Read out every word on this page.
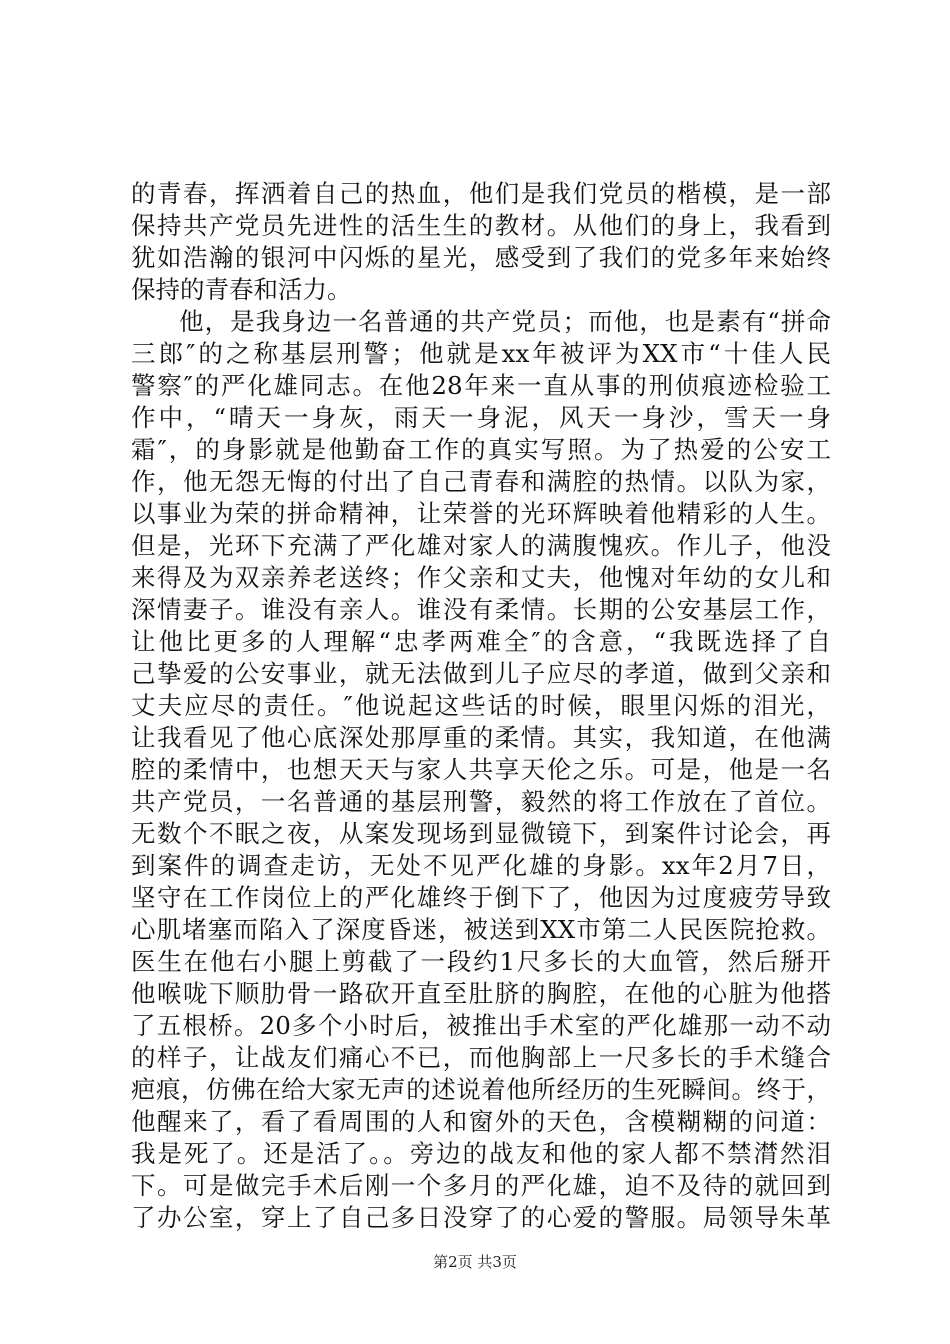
的青春，挥洒着自己的热血，他们是我们党员的楷模，是一部
保持共产党员先进性的活生生的教材。从他们的身上，我看到
犹如浩瀚的银河中闪烁的星光，感受到了我们的党多年来始终
保持的青春和活力。
他，是我身边一名普通的共产党员；而他，也是素有“拼命
三郎″的之称基层刑警；他就是xx年被评为XX市“十佳人民
警察″的严化雄同志。在他28年来一直从事的刑侦痕迹检验工
作中，“晴天一身灰，雨天一身泥，风天一身沙，雪天一身
霜″，的身影就是他勤奋工作的真实写照。为了热爱的公安工
作，他无怨无悔的付出了自己青春和满腔的热情。以队为家，
以事业为荣的拼命精神，让荣誉的光环辉映着他精彩的人生。
但是，光环下充满了严化雄对家人的满腹愧疚。作儿子，他没
来得及为双亲养老送终；作父亲和丈夫，他愧对年幼的女儿和
深情妻子。谁没有亲人。谁没有柔情。长期的公安基层工作，
让他比更多的人理解“忠孝两难全″的含意，“我既选择了自
己挚爱的公安事业，就无法做到儿子应尽的孝道，做到父亲和
丈夫应尽的责任。″他说起这些话的时候，眼里闪烁的泪光，
让我看见了他心底深处那厚重的柔情。其实，我知道，在他满
腔的柔情中，也想天天与家人共享天伦之乐。可是，他是一名
共产党员，一名普通的基层刑警，毅然的将工作放在了首位。
无数个不眠之夜，从案发现场到显微镜下，到案件讨论会，再
到案件的调查走访，无处不见严化雄的身影。xx年2月7日，
坚守在工作岗位上的严化雄终于倒下了，他因为过度疲劳导致
心肌堵塞而陷入了深度昏迷，被送到XX市第二人民医院抢救。
医生在他右小腿上剪截了一段约1尺多长的大血管，然后掰开
他喉咙下顺肋骨一路砍开直至肚脐的胸腔，在他的心脏为他搭
了五根桥。20多个小时后，被推出手术室的严化雄那一动不动
的样子，让战友们痛心不已，而他胸部上一尺多长的手术缝合
疤痕，仿佛在给大家无声的述说着他所经历的生死瞬间。终于，
他醒来了，看了看周围的人和窗外的天色，含模糊糊的问道：
我是死了。还是活了。。旁边的战友和他的家人都不禁潸然泪
下。可是做完手术后刚一个多月的严化雄，迫不及待的就回到
了办公室，穿上了自己多日没穿了的心爱的警服。局领导朱革
第2页 共3页
